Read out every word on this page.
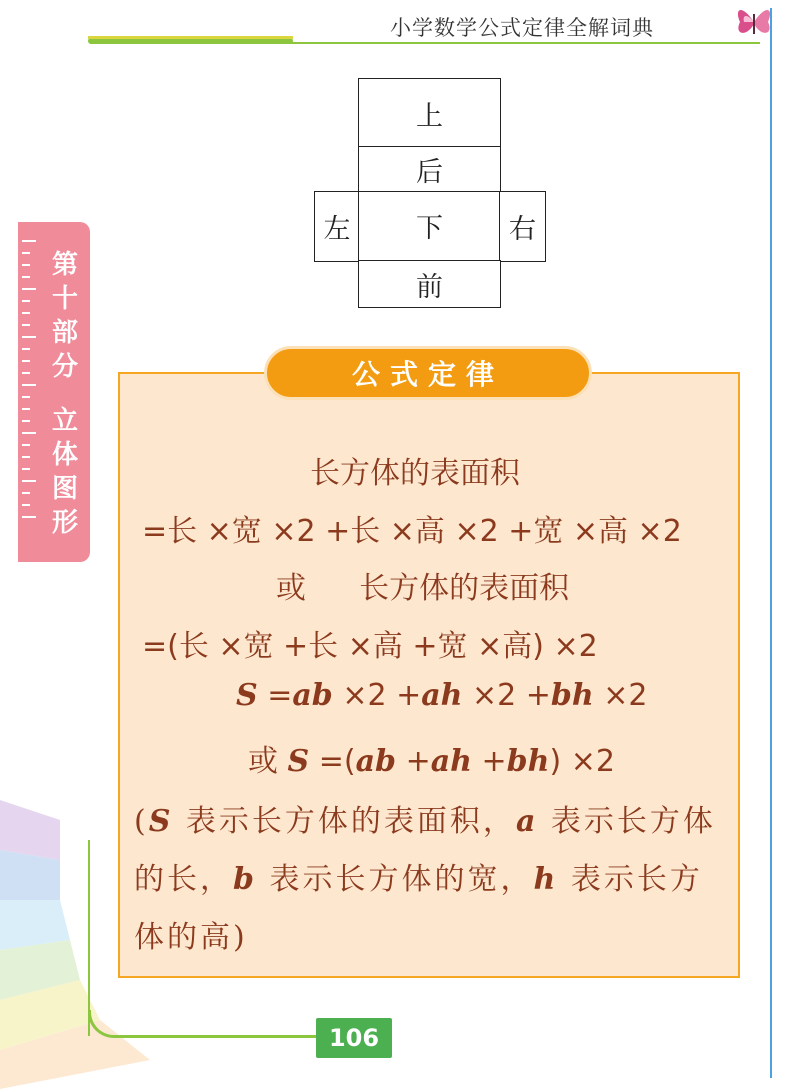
小学数学公式定律全解词典
第
十
部
分
立
体
图
形
上
后
左	下	右
前
公式定律
长方体的表面积
=长 ×宽 ×2 +长 ×高 ×2 +宽 ×高 ×2
或 长方体的表面积
=(长 ×宽 +长 ×高 +宽 ×高) ×2
S =ab ×2 +ah ×2 +bh ×2
或 S =(ab +ah +bh) ×2
(S 表示长方体的表面积，a 表示长方体
的长，b 表示长方体的宽，h 表示长方
体的高)
106
